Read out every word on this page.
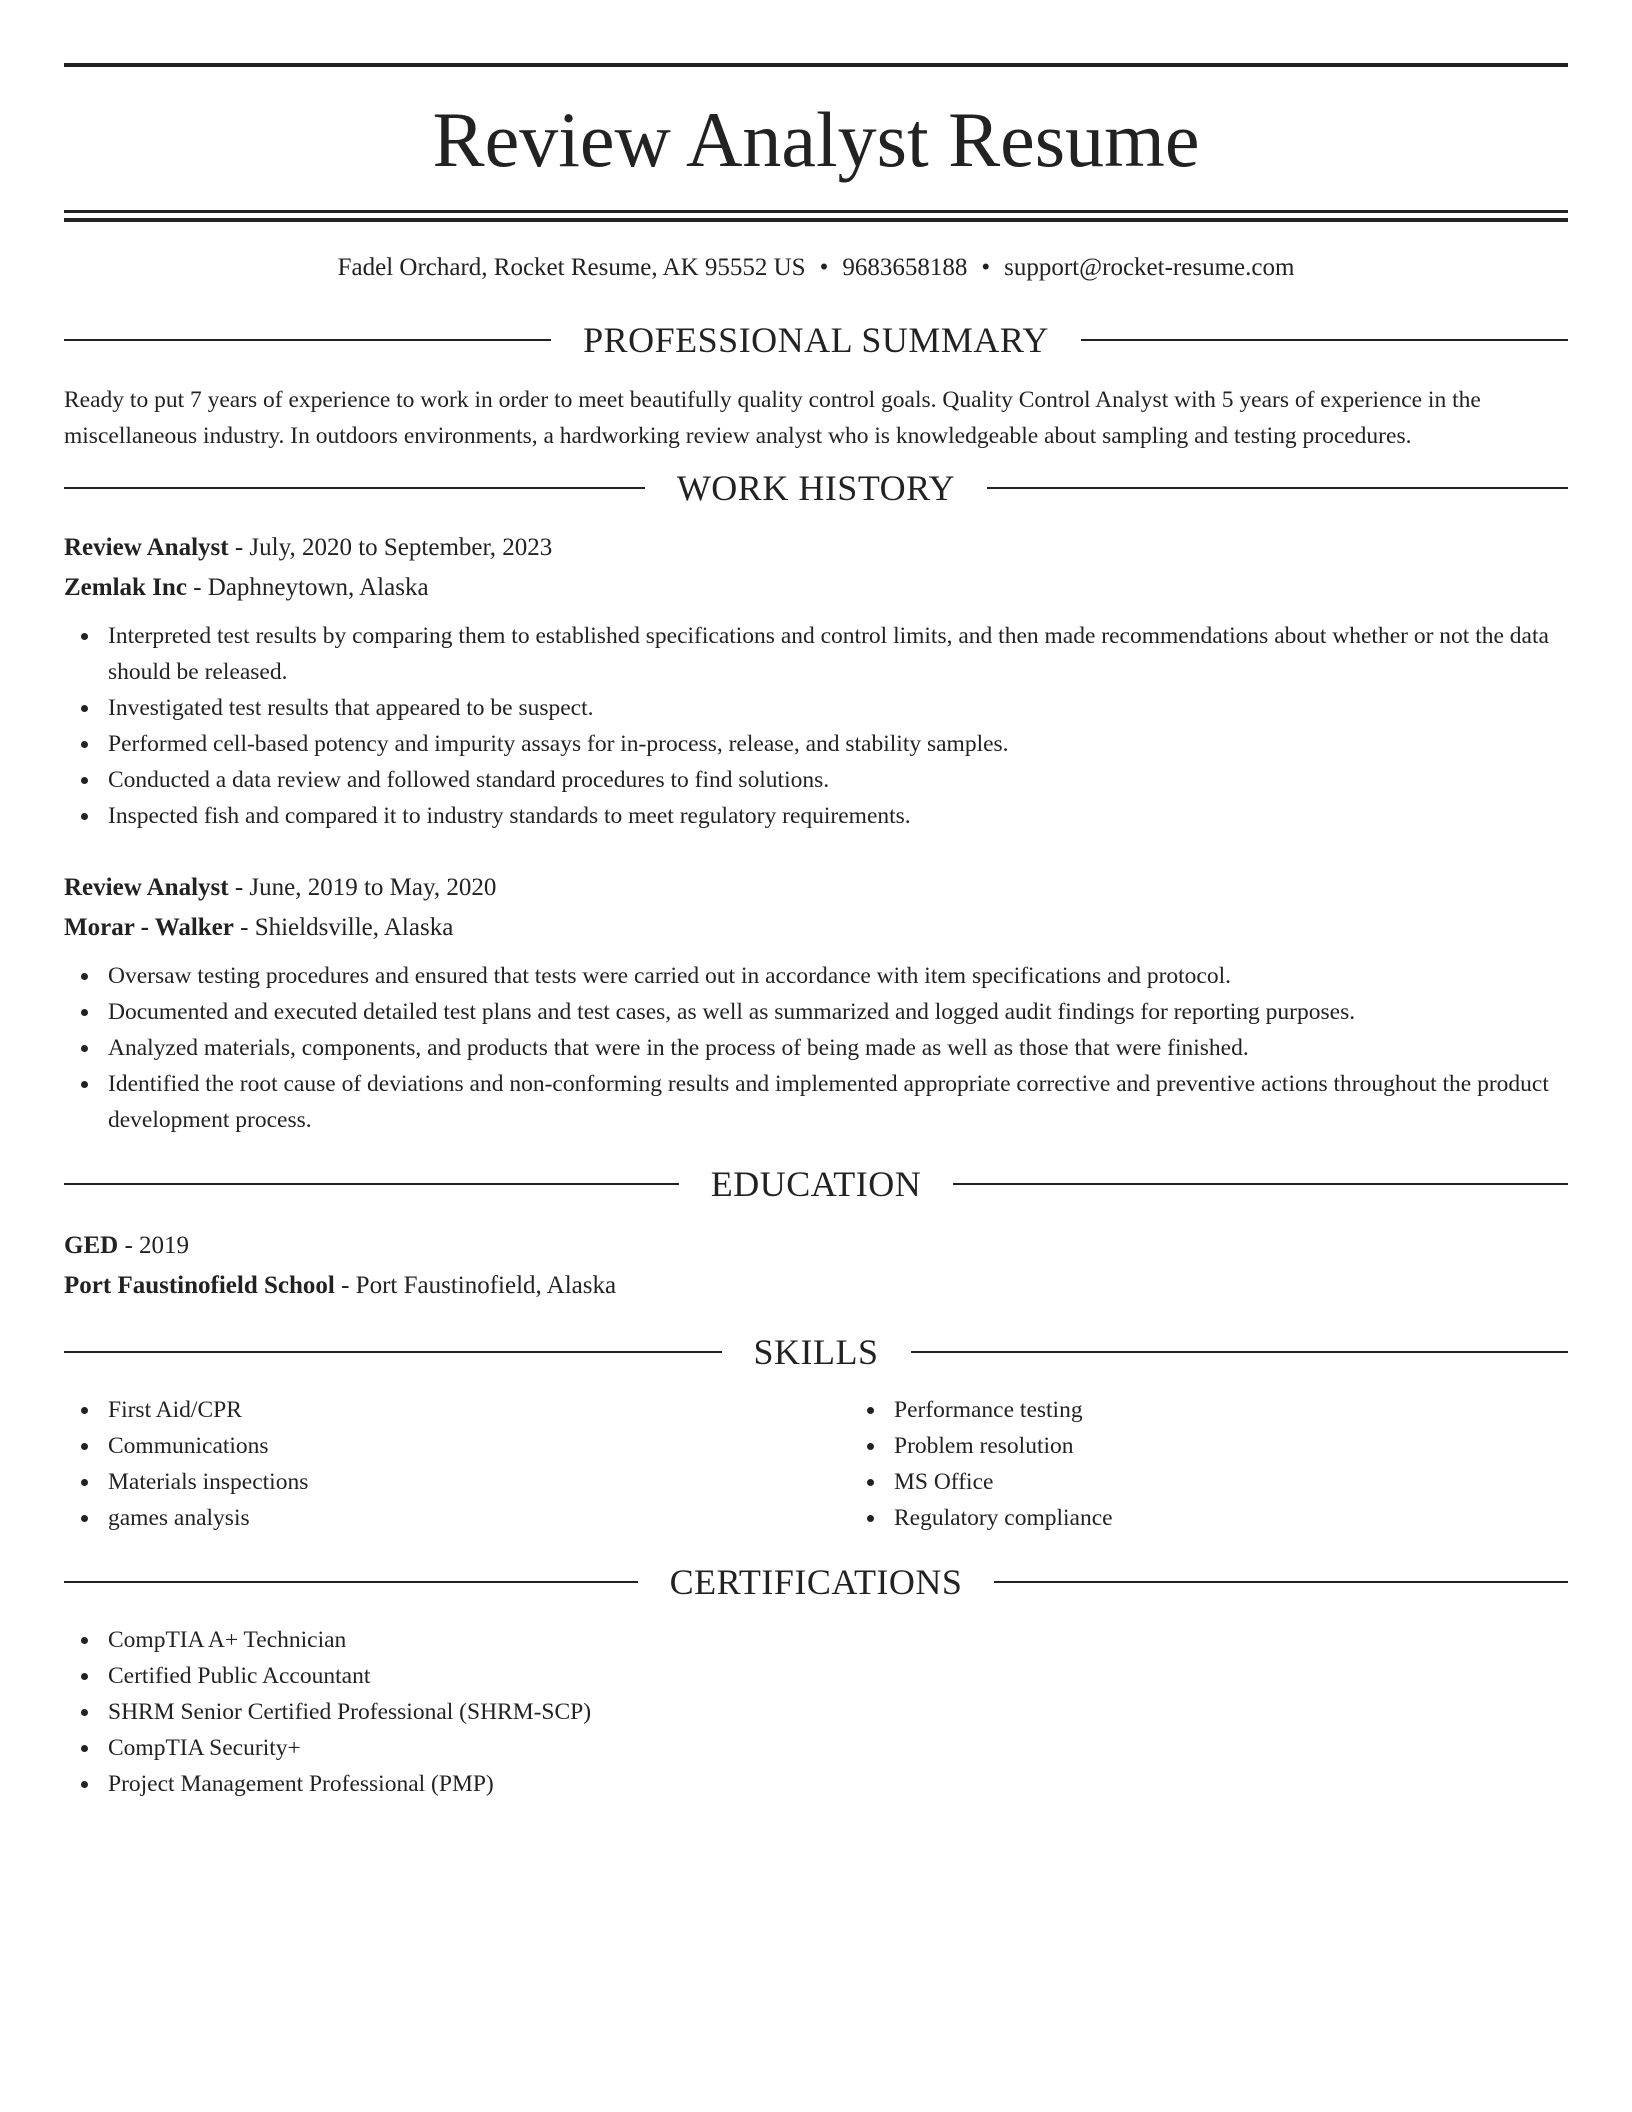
Review Analyst Resume
Fadel Orchard, Rocket Resume, AK 95552 US • 9683658188 • support@rocket-resume.com
PROFESSIONAL SUMMARY

Ready to put 7 years of experience to work in order to meet beautifully quality control goals. Quality Control Analyst with 5 years of experience in the miscellaneous industry. In outdoors environments, a hardworking review analyst who is knowledgeable about sampling and testing procedures.

WORK HISTORY
Review Analyst - July, 2020 to September, 2023
Zemlak Inc - Daphneytown, Alaska
Interpreted test results by comparing them to established specifications and control limits, and then made recommendations about whether or not the data should be released.
Investigated test results that appeared to be suspect.
Performed cell-based potency and impurity assays for in-process, release, and stability samples.
Conducted a data review and followed standard procedures to find solutions.
Inspected fish and compared it to industry standards to meet regulatory requirements.
Review Analyst - June, 2019 to May, 2020
Morar - Walker - Shieldsville, Alaska
Oversaw testing procedures and ensured that tests were carried out in accordance with item specifications and protocol.
Documented and executed detailed test plans and test cases, as well as summarized and logged audit findings for reporting purposes.
Analyzed materials, components, and products that were in the process of being made as well as those that were finished.
Identified the root cause of deviations and non-conforming results and implemented appropriate corrective and preventive actions throughout the product development process.
EDUCATION
GED - 2019
Port Faustinofield School - Port Faustinofield, Alaska
SKILLS
First Aid/CPR
Communications
Materials inspections
games analysis
Performance testing
Problem resolution
MS Office
Regulatory compliance
CERTIFICATIONS
CompTIA A+ Technician
Certified Public Accountant
SHRM Senior Certified Professional (SHRM-SCP)
CompTIA Security+
Project Management Professional (PMP)
